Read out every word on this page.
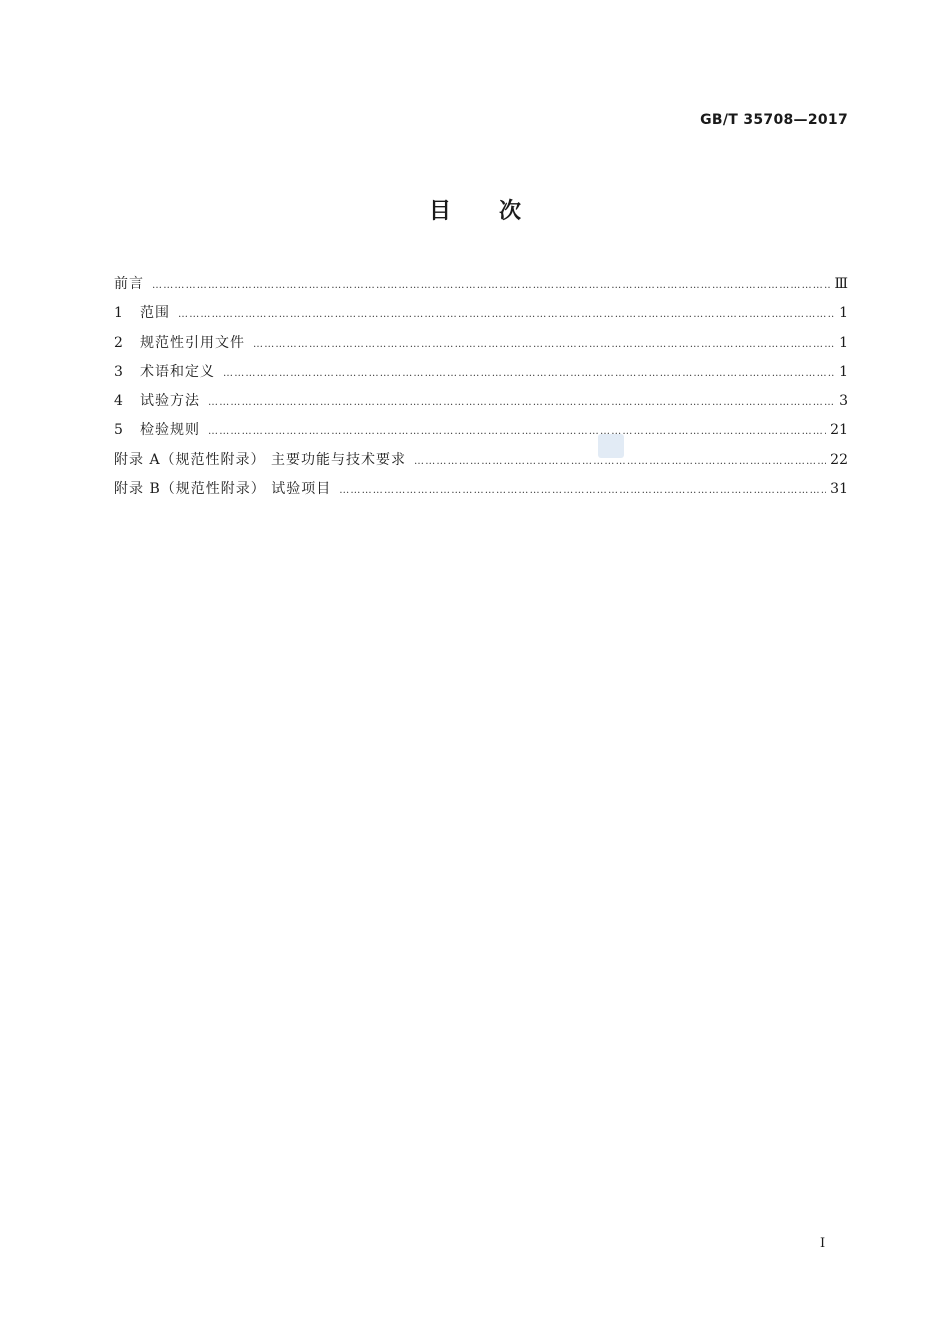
GB/T 35708—2017
目次
前言 ………………………………………………………………………………………………………………………………………………………………………………………	Ⅲ
1	范围 ………………………………………………………………………………………………………………………………………………………………………………………	1
2	规范性引用文件 ………………………………………………………………………………………………………………………………………………………………………………………	1
3	术语和定义 ………………………………………………………………………………………………………………………………………………………………………………………	1
4	试验方法 ………………………………………………………………………………………………………………………………………………………………………………………	3
5	检验规则 ………………………………………………………………………………………………………………………………………………………………………………………	21
附录 A（规范性附录） 主要功能与技术要求 ………………………………………………………………………………………………………………………………………………………………………………………	22
附录 B（规范性附录） 试验项目 ………………………………………………………………………………………………………………………………………………………………………………………	31
I
